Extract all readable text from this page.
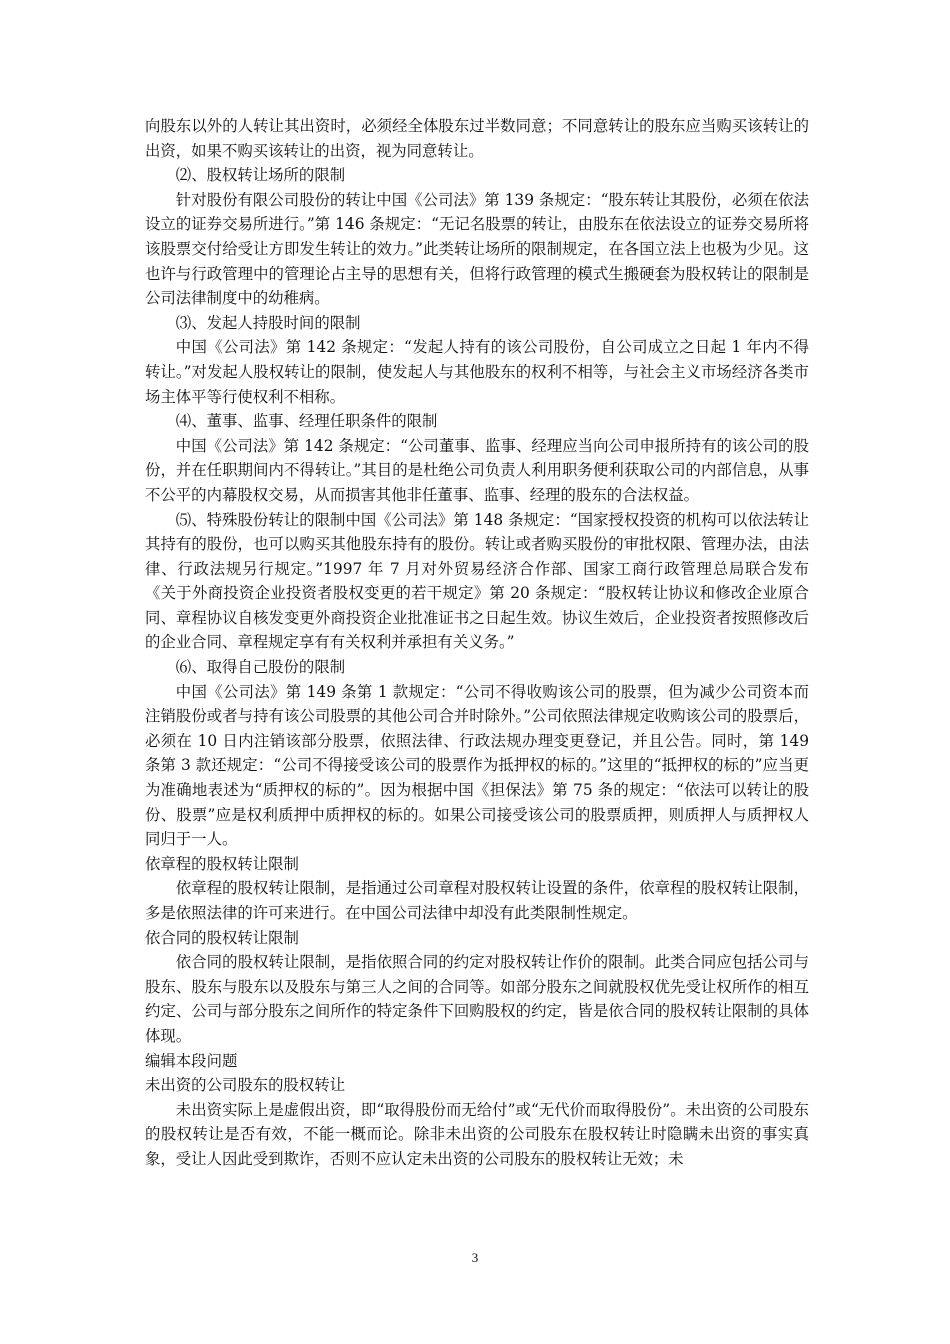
向股东以外的人转让其出资时，必须经全体股东过半数同意；不同意转让的股东应当购买该转让的出资，如果不购买该转让的出资，视为同意转让。

⑵、股权转让场所的限制

针对股份有限公司股份的转让中国《公司法》第 139 条规定：“股东转让其股份，必须在依法设立的证券交易所进行。”第 146 条规定：“无记名股票的转让，由股东在依法设立的证券交易所将该股票交付给受让方即发生转让的效力。”此类转让场所的限制规定，在各国立法上也极为少见。这也许与行政管理中的管理论占主导的思想有关，但将行政管理的模式生搬硬套为股权转让的限制是公司法律制度中的幼稚病。

⑶、发起人持股时间的限制

中国《公司法》第 142 条规定：“发起人持有的该公司股份，自公司成立之日起 1 年内不得转让。”对发起人股权转让的限制，使发起人与其他股东的权利不相等，与社会主义市场经济各类市场主体平等行使权利不相称。

⑷、董事、监事、经理任职条件的限制

中国《公司法》第 142 条规定：“公司董事、监事、经理应当向公司申报所持有的该公司的股份，并在任职期间内不得转让。”其目的是杜绝公司负责人利用职务便利获取公司的内部信息，从事不公平的内幕股权交易，从而损害其他非任董事、监事、经理的股东的合法权益。

⑸、特殊股份转让的限制中国《公司法》第 148 条规定：“国家授权投资的机构可以依法转让其持有的股份，也可以购买其他股东持有的股份。转让或者购买股份的审批权限、管理办法，由法律、行政法规另行规定。”1997 年 7 月对外贸易经济合作部、国家工商行政管理总局联合发布《关于外商投资企业投资者股权变更的若干规定》第 20 条规定：“股权转让协议和修改企业原合同、章程协议自核发变更外商投资企业批准证书之日起生效。协议生效后，企业投资者按照修改后的企业合同、章程规定享有有关权利并承担有关义务。”

⑹、取得自己股份的限制

中国《公司法》第 149 条第 1 款规定：“公司不得收购该公司的股票，但为减少公司资本而注销股份或者与持有该公司股票的其他公司合并时除外。”公司依照法律规定收购该公司的股票后，必须在 10 日内注销该部分股票，依照法律、行政法规办理变更登记，并且公告。同时，第 149 条第 3 款还规定：“公司不得接受该公司的股票作为抵押权的标的。”这里的“抵押权的标的”应当更为准确地表述为“质押权的标的”。因为根据中国《担保法》第 75 条的规定：“依法可以转让的股份、股票”应是权利质押中质押权的标的。如果公司接受该公司的股票质押，则质押人与质押权人同归于一人。

依章程的股权转让限制

依章程的股权转让限制，是指通过公司章程对股权转让设置的条件，依章程的股权转让限制，多是依照法律的许可来进行。在中国公司法律中却没有此类限制性规定。

依合同的股权转让限制

依合同的股权转让限制，是指依照合同的约定对股权转让作价的限制。此类合同应包括公司与股东、股东与股东以及股东与第三人之间的合同等。如部分股东之间就股权优先受让权所作的相互约定、公司与部分股东之间所作的特定条件下回购股权的约定，皆是依合同的股权转让限制的具体体现。

编辑本段问题

未出资的公司股东的股权转让

未出资实际上是虚假出资，即“取得股份而无给付”或“无代价而取得股份”。未出资的公司股东的股权转让是否有效，不能一概而论。除非未出资的公司股东在股权转让时隐瞒未出资的事实真象，受让人因此受到欺诈，否则不应认定未出资的公司股东的股权转让无效；未

3
